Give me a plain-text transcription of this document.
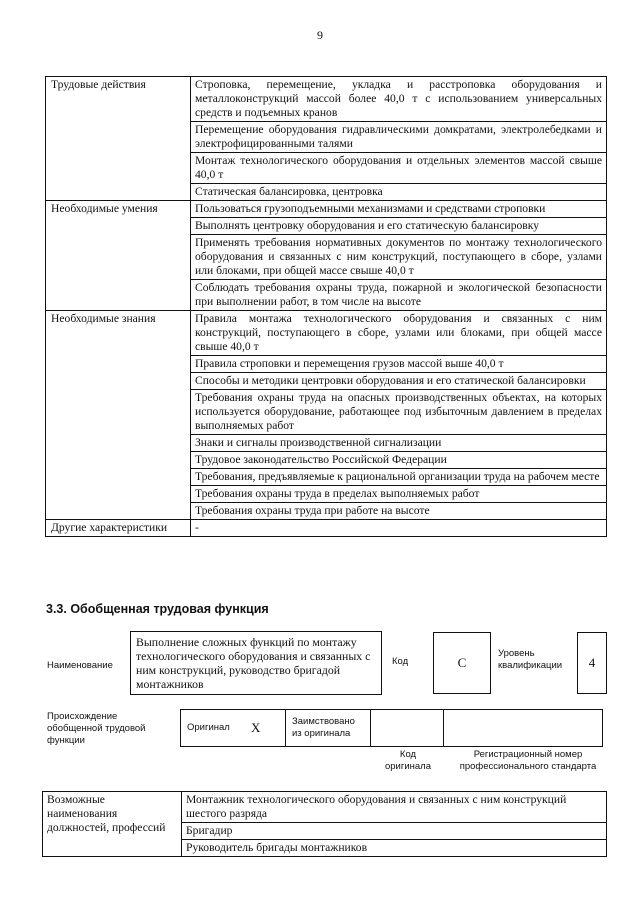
9
Трудовые действия	Строповка, перемещение, укладка и расстроповка оборудования и металлоконструкций массой более 40,0 т с использованием универсальных средств и подъемных кранов
	Перемещение оборудования гидравлическими домкратами, электролебедками и электрофицированными талями
	Монтаж технологического оборудования и отдельных элементов массой свыше 40,0 т
	Статическая балансировка, центровка
Необходимые умения	Пользоваться грузоподъемными механизмами и средствами строповки
	Выполнять центровку оборудования и его статическую балансировку
	Применять требования нормативных документов по монтажу технологического оборудования и связанных с ним конструкций, поступающего в сборе, узлами или блоками, при общей массе свыше 40,0 т
	Соблюдать требования охраны труда, пожарной и экологической безопасности при выполнении работ, в том числе на высоте
Необходимые знания	Правила монтажа технологического оборудования и связанных с ним конструкций, поступающего в сборе, узлами или блоками, при общей массе свыше 40,0 т
	Правила строповки и перемещения грузов массой выше 40,0 т
	Способы и методики центровки оборудования и его статической балансировки
	Требования охраны труда на опасных производственных объектах, на которых используется оборудование, работающее под избыточным давлением в пределах выполняемых работ
	Знаки и сигналы производственной сигнализации
	Трудовое законодательство Российской Федерации
	Требования, предъявляемые к рациональной организации труда на рабочем месте
	Требования охраны труда в пределах выполняемых работ
	Требования охраны труда при работе на высоте
Другие характеристики	-
3.3. Обобщенная трудовая функция
Наименование
Выполнение сложных функций по монтажу технологического оборудования и связанных с ним конструкций, руководство бригадой монтажников
Код	C
Уровень квалификации	4
Происхождение обобщенной трудовой функции
Оригинал	X	Заимствовано из оригинала		
Код оригинала
Регистрационный номер профессионального стандарта
Возможные наименования должностей, профессий	Монтажник технологического оборудования и связанных с ним конструкций шестого разряда
Бригадир
Руководитель бригады монтажников
